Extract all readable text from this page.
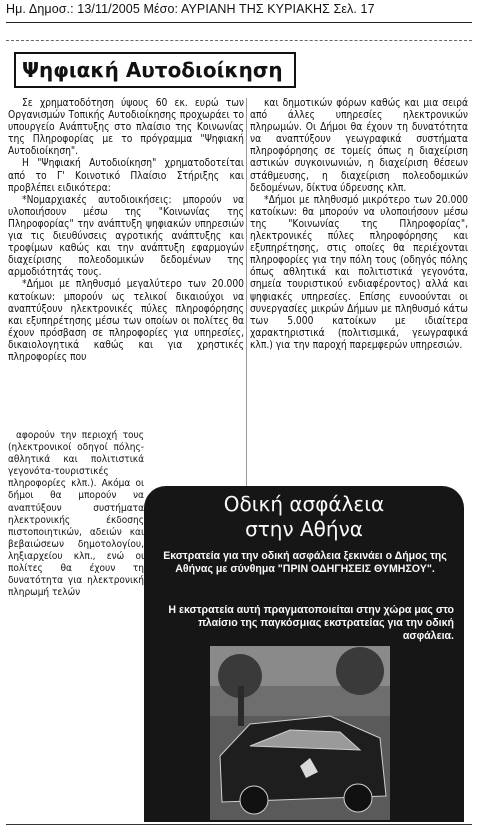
Ημ. Δημοσ.: 13/11/2005 Μέσο: ΑΥΡΙΑΝΗ ΤΗΣ ΚΥΡΙΑΚΗΣ Σελ. 17
Ψηφιακή Αυτοδιοίκηση

Σε χρηματοδότηση ύψους 60 εκ. ευρώ των Οργανισμών Τοπικής Αυτοδιοίκησης προχωράει το υπουργείο Ανάπτυξης στο πλαίσιο της Κοινωνίας της Πληροφορίας με το πρόγραμμα "Ψηφιακή Αυτοδιοίκηση".

Η "Ψηφιακή Αυτοδιοίκηση" χρηματοδοτείται από το Γ' Κοινοτικό Πλαίσιο Στήριξης και προβλέπει ειδικότερα:

*Νομαρχιακές αυτοδιοικήσεις: μπορούν να υλοποιήσουν μέσω της "Κοινωνίας της Πληροφορίας" την ανάπτυξη ψηφιακών υπηρεσιών για τις διευθύνσεις αγροτικής ανάπτυξης και τροφίμων καθώς και την ανάπτυξη εφαρμογών διαχείρισης πολεοδομικών δεδομένων της αρμοδιότητάς τους.

*Δήμοι με πληθυσμό μεγαλύτερο των 20.000 κατοίκων: μπορούν ως τελικοί δικαιούχοι να αναπτύξουν ηλεκτρονικές πύλες πληροφόρησης και εξυπηρέτησης μέσω των οποίων οι πολίτες θα έχουν πρόσβαση σε πληροφορίες για υπηρεσίες, δικαιολογητικά καθώς και για χρηστικές πληροφορίες που

αφορούν την περιοχή τους (ηλεκτρονικοί οδηγοί πόλης-αθλητικά και πολιτιστικά γεγονότα-τουριστικές πληροφορίες κλπ.). Ακόμα οι δήμοι θα μπορούν να αναπτύξουν συστήματα ηλεκτρονικής έκδοσης πιστοποιητικών, αδειών και βεβαιώσεων δημοτολογίου, ληξιαρχείου κλπ., ενώ οι πολίτες θα έχουν τη δυνατότητα για ηλεκτρονική πληρωμή τελών

και δημοτικών φόρων καθώς και μια σειρά από άλλες υπηρεσίες ηλεκτρονικών πληρωμών. Οι Δήμοι θα έχουν τη δυνατότητα να αναπτύξουν γεωγραφικά συστήματα πληροφόρησης σε τομείς όπως η διαχείριση αστικών συγκοινωνιών, η διαχείριση θέσεων στάθμευσης, η διαχείριση πολεοδομικών δεδομένων, δίκτυα ύδρευσης κλπ.

*Δήμοι με πληθυσμό μικρότερο των 20.000 κατοίκων: θα μπορούν να υλοποιήσουν μέσω της "Κοινωνίας της Πληροφορίας", ηλεκτρονικές πύλες πληροφόρησης και εξυπηρέτησης, στις οποίες θα περιέχονται πληροφορίες για την πόλη τους (οδηγός πόλης όπως αθλητικά και πολιτιστικά γεγονότα, σημεία τουριστικού ενδιαφέροντος) αλλά και ψηφιακές υπηρεσίες. Επίσης ευνοούνται οι συνεργασίες μικρών Δήμων με πληθυσμό κάτω των 5.000 κατοίκων με ιδιαίτερα χαρακτηριστικά (πολιτισμικά, γεωγραφικά κλπ.) για την παροχή παρεμφερών υπηρεσιών.

Οδική ασφάλεια
στην Αθήνα
Εκστρατεία για την οδική ασφάλεια ξεκινάει ο Δήμος της Αθήνας με σύνθημα "ΠΡΙΝ ΟΔΗΓΗΣΕΙΣ ΘΥΜΗΣΟΥ".
Η εκστρατεία αυτή πραγματοποιείται στην χώρα μας στο πλαίσιο της παγκόσμιας εκστρατείας για την οδική ασφάλεια.
